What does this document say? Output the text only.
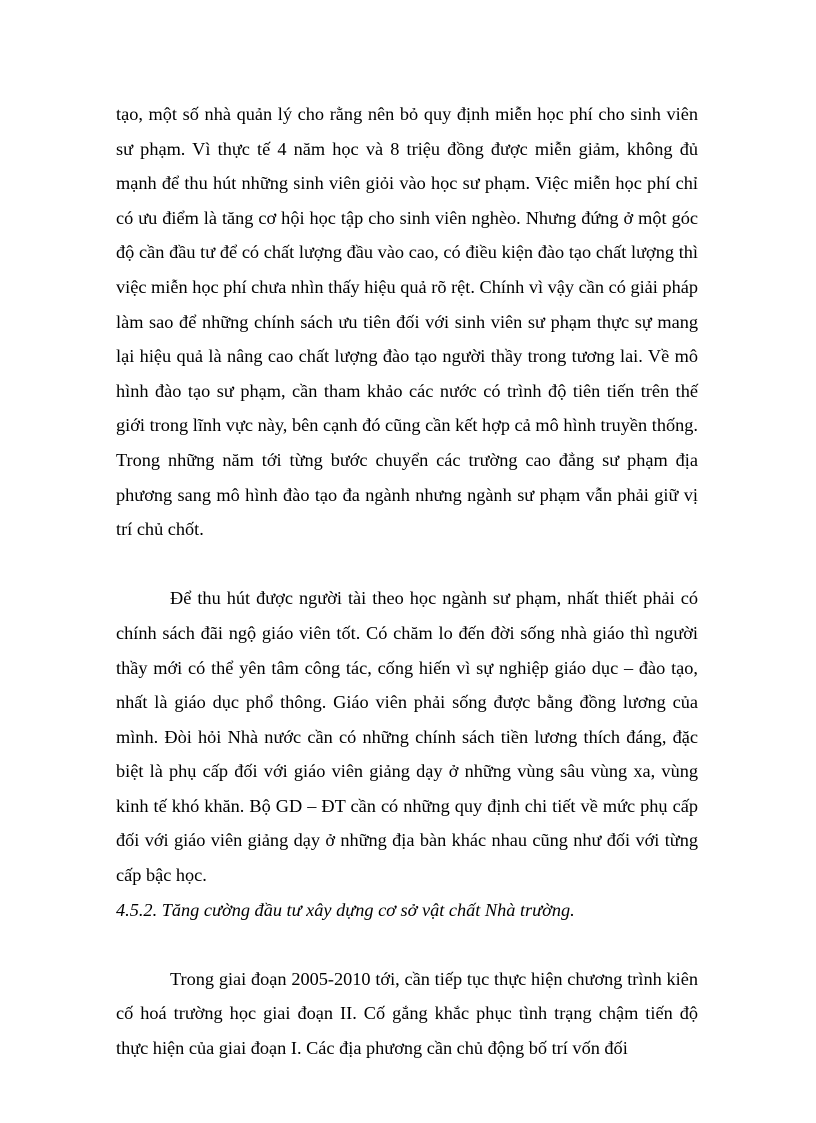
tạo, một số nhà quản lý cho rằng nên bỏ quy định miễn học phí cho sinh viên sư phạm. Vì thực tế 4 năm học và 8 triệu đồng được miễn giảm, không đủ mạnh để thu hút những sinh viên giỏi vào học sư phạm. Việc miễn học phí chỉ có ưu điểm là tăng cơ hội học tập cho sinh viên nghèo. Nhưng đứng ở một góc độ cần đầu tư để có chất lượng đầu vào cao, có điều kiện đào tạo chất lượng thì việc miễn học phí chưa nhìn thấy hiệu quả rõ rệt. Chính vì vậy cần có giải pháp làm sao để những chính sách ưu tiên đối với sinh viên sư phạm thực sự mang lại hiệu quả là nâng cao chất lượng đào tạo người thầy trong tương lai. Về mô hình đào tạo sư phạm, cần tham khảo các nước có trình độ tiên tiến trên thế giới trong lĩnh vực này, bên cạnh đó cũng cần kết hợp cả mô hình truyền thống. Trong những năm tới từng bước chuyển các trường cao đẳng sư phạm địa phương sang mô hình đào tạo đa ngành nhưng ngành sư phạm vẫn phải giữ vị trí chủ chốt.

Để thu hút được người tài theo học ngành sư phạm, nhất thiết phải có chính sách đãi ngộ giáo viên tốt. Có chăm lo đến đời sống nhà giáo thì người thầy mới có thể yên tâm công tác, cống hiến vì sự nghiệp giáo dục – đào tạo, nhất là giáo dục phổ thông. Giáo viên phải sống được bằng đồng lương của mình. Đòi hỏi Nhà nước cần có những chính sách tiền lương thích đáng, đặc biệt là phụ cấp đối với giáo viên giảng dạy ở những vùng sâu vùng xa, vùng kinh tế khó khăn. Bộ GD – ĐT cần có những quy định chi tiết về mức phụ cấp đối với giáo viên giảng dạy ở những địa bàn khác nhau cũng như đối với từng cấp bậc học.

4.5.2. Tăng cường đầu tư xây dựng cơ sở vật chất Nhà trường.

Trong giai đoạn 2005-2010 tới, cần tiếp tục thực hiện chương trình kiên cố hoá trường học giai đoạn II. Cố gắng khắc phục tình trạng chậm tiến độ thực hiện của giai đoạn I. Các địa phương cần chủ động bố trí vốn đối
